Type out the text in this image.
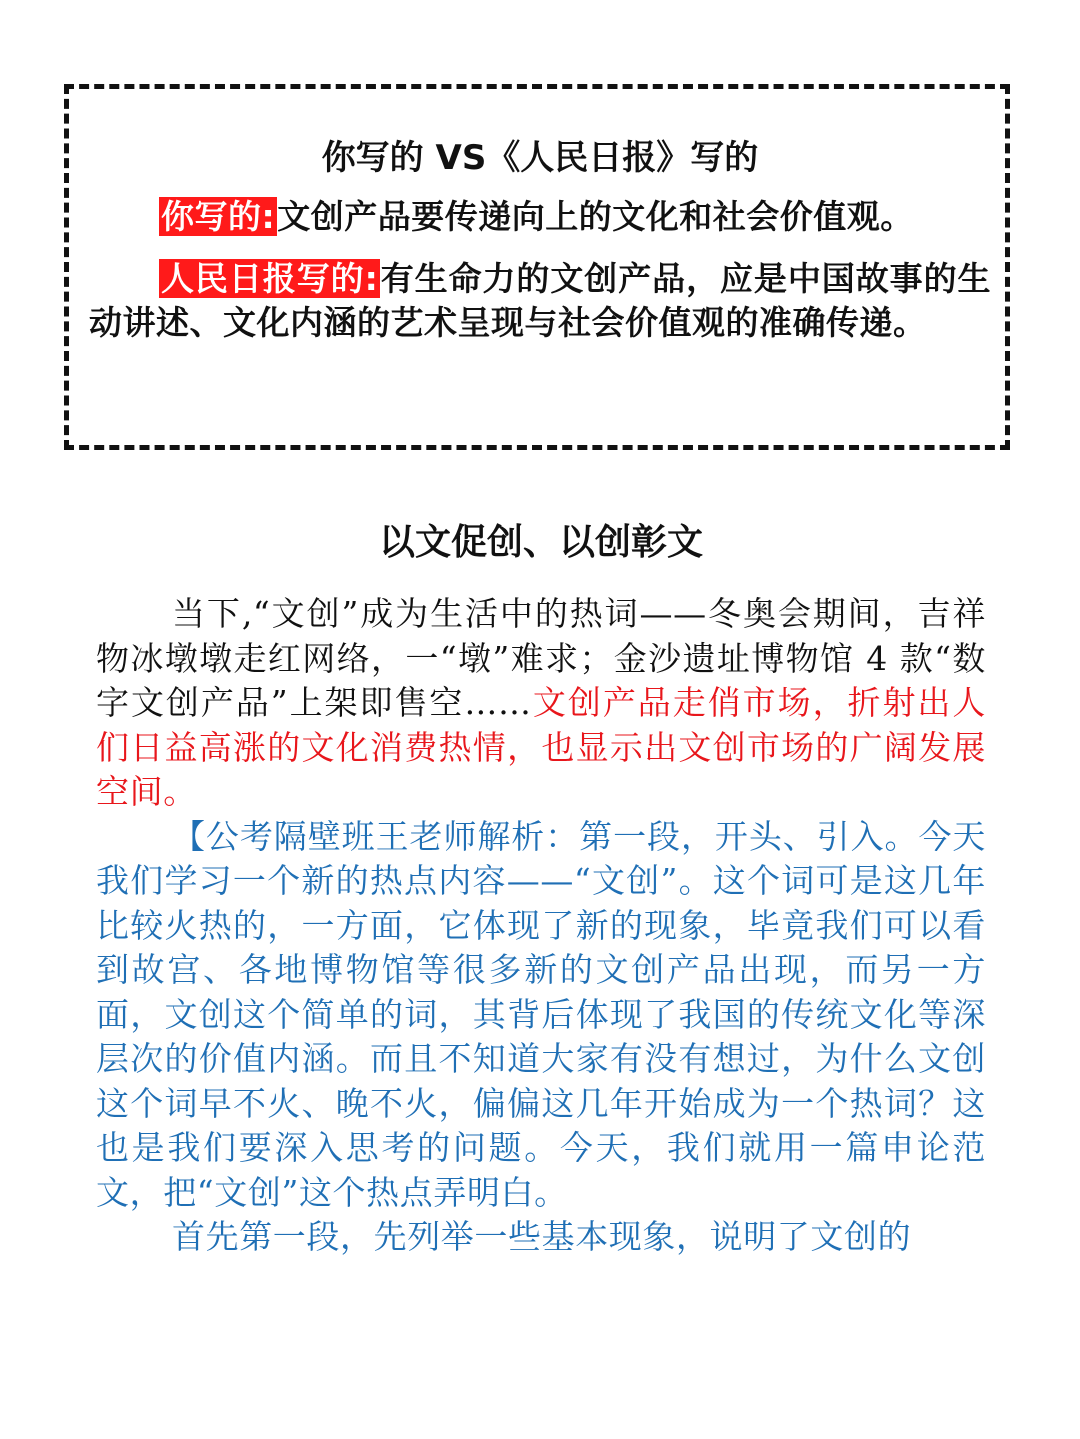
你写的 VS《人民日报》写的

你写的:文创产品要传递向上的文化和社会价值观。

人民日报写的:有生命力的文创产品，应是中国故事的生动讲述、文化内涵的艺术呈现与社会价值观的准确传递。

以文促创、以创彰文

当下,“文创”成为生活中的热词——冬奥会期间，吉祥物冰墩墩走红网络，一“墩”难求；金沙遗址博物馆 4 款“数字文创产品”上架即售空……文创产品走俏市场，折射出人们日益高涨的文化消费热情，也显示出文创市场的广阔发展空间。

【公考隔壁班王老师解析：第一段，开头、引入。今天我们学习一个新的热点内容——“文创”。这个词可是这几年比较火热的，一方面，它体现了新的现象，毕竟我们可以看到故宫、各地博物馆等很多新的文创产品出现，而另一方面，文创这个简单的词，其背后体现了我国的传统文化等深层次的价值内涵。而且不知道大家有没有想过，为什么文创这个词早不火、晚不火，偏偏这几年开始成为一个热词？这也是我们要深入思考的问题。今天，我们就用一篇申论范文，把“文创”这个热点弄明白。

首先第一段，先列举一些基本现象，说明了文创的
